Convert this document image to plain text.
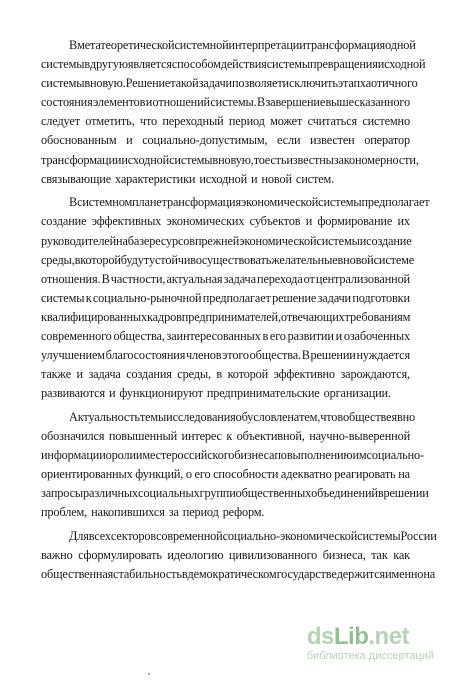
В метатеоретической системной интерпретации трансформация одной
системы в другую является способом действия системы превращения исходной
системы в новую. Решение такой задачи позволяет исключить этап хаотичного
состояния элементов и отношений системы. В завершение вышесказанного
следует отметить, что переходный период может считаться системно
обоснованным и социально-допустимым, если известен оператор
трансформации исходной системы в новую, то есть известны закономерности,
связывающие характеристики исходной и новой систем.
В системном плане трансформация экономической системы предполагает
создание эффективных экономических субъектов и формирование их
руководителей на базе ресурсов прежней экономической системы и создание
среды, в которой будут устойчиво существовать желательные в новой системе
отношения. В частности, актуальная задача перехода от централизованной
системы к социально-рыночной предполагает решение задачи подготовки
квалифицированных кадров предпринимателей, отвечающих требованиям
современного общества, заинтересованных в его развитии и озабоченных
улучшением благосостояния членов этого общества. В решении нуждается
также и задача создания среды, в которой эффективно зарождаются,
развиваются и функционируют предпринимательские организации.
Актуальность темы исследования обусловлена тем, что в обществе явно
обозначился повышенный интерес к объективной, научно-выверенной
информации о роли и месте российского бизнеса по выполнению им социально-
ориентированных функций, о его способности адекватно реагировать на
запросы различных социальных групп и общественных объединений в решении
проблем, накопившихся за период реформ.
Для всех секторов современной социально-экономической системы России
важно сформулировать идеологию цивилизованного бизнеса, так как
общественная стабильность в демократическом государстве держится именно на
dsLib.net
библиотека диссертаций
